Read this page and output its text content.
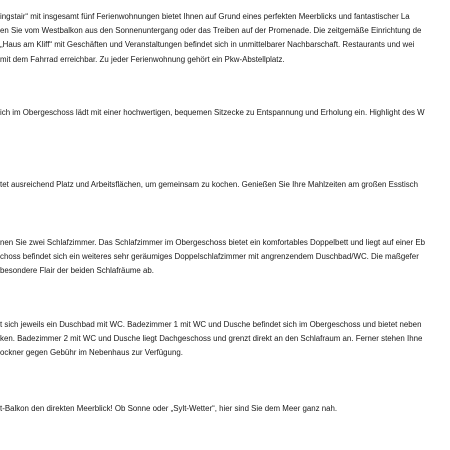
ingstair“ mit insgesamt fünf Ferienwohnungen bietet Ihnen auf Grund eines perfekten Meerblicks und fantastischer La
en Sie vom Westbalkon aus den Sonnenuntergang oder das Treiben auf der Promenade. Die zeitgemäße Einrichtung de
„Haus am Kliff“ mit Geschäften und Veranstaltungen befindet sich in unmittelbarer Nachbarschaft. Restaurants und wei
mit dem Fahrrad erreichbar. Zu jeder Ferienwohnung gehört ein Pkw-Abstellplatz.

ich im Obergeschoss lädt mit einer hochwertigen, bequemen Sitzecke zu Entspannung und Erholung ein. Highlight des W

tet ausreichend Platz und Arbeitsflächen, um gemeinsam zu kochen. Genießen Sie Ihre Mahlzeiten am großen Esstisch

nen Sie zwei Schlafzimmer. Das Schlafzimmer im Obergeschoss bietet ein komfortables Doppelbett und liegt auf einer Eb
choss befindet sich ein weiteres sehr geräumiges Doppelschlafzimmer mit angrenzendem Duschbad/WC. Die maßgefer
besondere Flair der beiden Schlafräume ab.

t sich jeweils ein Duschbad mit WC. Badezimmer 1 mit WC und Dusche befindet sich im Obergeschoss und bietet neben
ken. Badezimmer 2 mit WC und Dusche liegt Dachgeschoss und grenzt direkt an den Schlafraum an. Ferner stehen Ihne
ockner gegen Gebühr im Nebenhaus zur Verfügung.

t-Balkon den direkten Meerblick! Ob Sonne oder „Sylt-Wetter“, hier sind Sie dem Meer ganz nah.
